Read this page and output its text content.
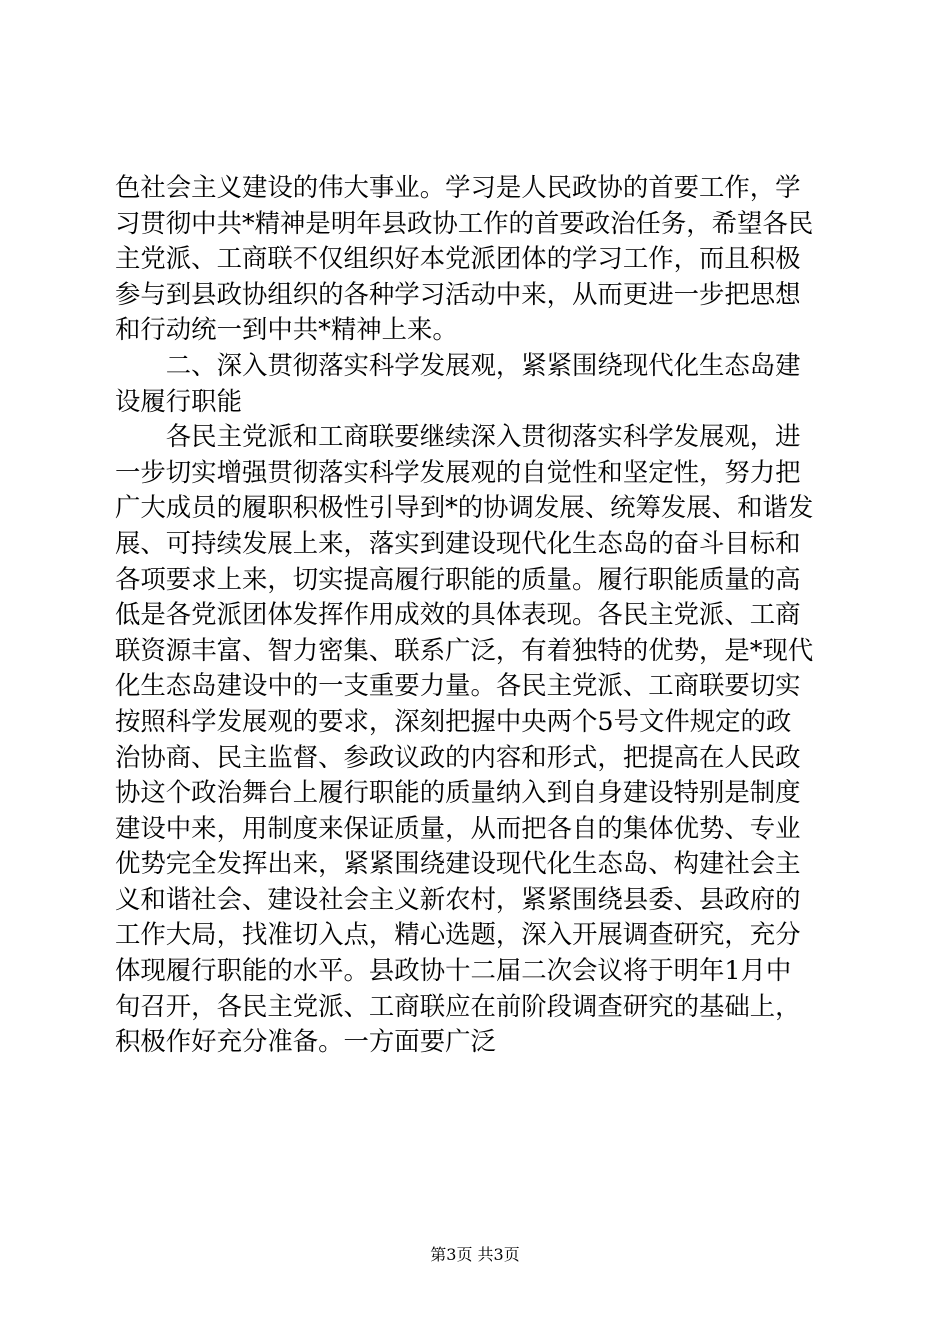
色社会主义建设的伟大事业。学习是人民政协的首要工作，学
习贯彻中共*精神是明年县政协工作的首要政治任务，希望各民
主党派、工商联不仅组织好本党派团体的学习工作，而且积极
参与到县政协组织的各种学习活动中来，从而更进一步把思想
和行动统一到中共*精神上来。
　　二、深入贯彻落实科学发展观，紧紧围绕现代化生态岛建
设履行职能
　　各民主党派和工商联要继续深入贯彻落实科学发展观，进
一步切实增强贯彻落实科学发展观的自觉性和坚定性，努力把
广大成员的履职积极性引导到*的协调发展、统筹发展、和谐发
展、可持续发展上来，落实到建设现代化生态岛的奋斗目标和
各项要求上来，切实提高履行职能的质量。履行职能质量的高
低是各党派团体发挥作用成效的具体表现。各民主党派、工商
联资源丰富、智力密集、联系广泛，有着独特的优势，是*现代
化生态岛建设中的一支重要力量。各民主党派、工商联要切实
按照科学发展观的要求，深刻把握中央两个5号文件规定的政
治协商、民主监督、参政议政的内容和形式，把提高在人民政
协这个政治舞台上履行职能的质量纳入到自身建设特别是制度
建设中来，用制度来保证质量，从而把各自的集体优势、专业
优势完全发挥出来，紧紧围绕建设现代化生态岛、构建社会主
义和谐社会、建设社会主义新农村，紧紧围绕县委、县政府的
工作大局，找准切入点，精心选题，深入开展调查研究，充分
体现履行职能的水平。县政协十二届二次会议将于明年1月中
旬召开，各民主党派、工商联应在前阶段调查研究的基础上，
积极作好充分准备。一方面要广泛
第3页 共3页
